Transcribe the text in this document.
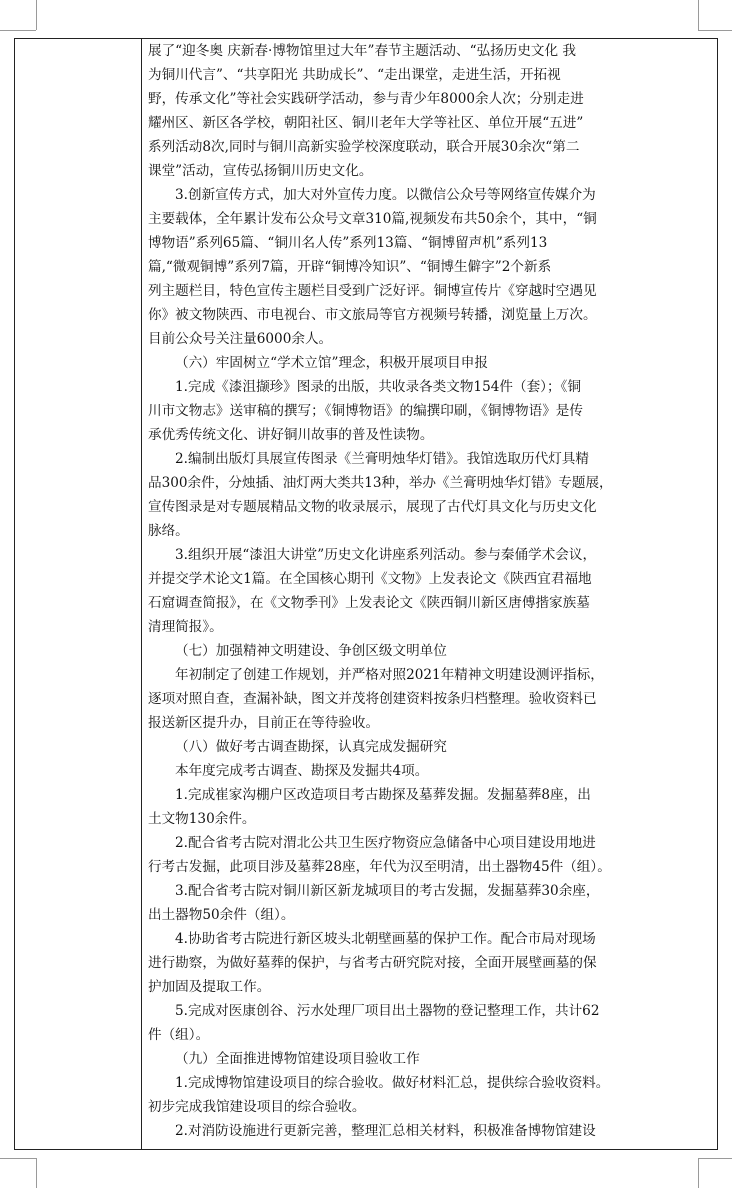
展了“迎冬奥 庆新春·博物馆里过大年”春节主题活动、“弘扬历史文化 我
为铜川代言”、“共享阳光 共助成长”、“走出课堂，走进生活，开拓视
野，传承文化”等社会实践研学活动，参与青少年8000余人次；分别走进
耀州区、新区各学校，朝阳社区、铜川老年大学等社区、单位开展“五进”
系列活动8次,同时与铜川高新实验学校深度联动，联合开展30余次“第二
课堂”活动，宣传弘扬铜川历史文化。
3.创新宣传方式，加大对外宣传力度。以微信公众号等网络宣传媒介为
主要载体，全年累计发布公众号文章310篇,视频发布共50余个，其中，“铜
博物语”系列65篇、“铜川名人传”系列13篇、“铜博留声机”系列13
篇,“微观铜博”系列7篇，开辟“铜博冷知识”、“铜博生僻字”2个新系
列主题栏目，特色宣传主题栏目受到广泛好评。铜博宣传片《穿越时空遇见
你》被文物陕西、市电视台、市文旅局等官方视频号转播，浏览量上万次。
目前公众号关注量6000余人。
（六）牢固树立“学术立馆”理念，积极开展项目申报
1.完成《漆沮撷珍》图录的出版，共收录各类文物154件（套）；《铜
川市文物志》送审稿的撰写；《铜博物语》的编撰印刷，《铜博物语》是传
承优秀传统文化、讲好铜川故事的普及性读物。
2.编制出版灯具展宣传图录《兰膏明烛华灯错》。我馆选取历代灯具精
品300余件，分烛插、油灯两大类共13种，举办《兰膏明烛华灯错》专题展，
宣传图录是对专题展精品文物的收录展示，展现了古代灯具文化与历史文化
脉络。
3.组织开展“漆沮大讲堂”历史文化讲座系列活动。参与秦俑学术会议，
并提交学术论文1篇。在全国核心期刊《文物》上发表论文《陕西宜君福地
石窟调查简报》，在《文物季刊》上发表论文《陕西铜川新区唐傅揩家族墓
清理简报》。
（七）加强精神文明建设、争创区级文明单位
年初制定了创建工作规划，并严格对照2021年精神文明建设测评指标，
逐项对照自查，查漏补缺，图文并茂将创建资料按条归档整理。验收资料已
报送新区提升办，目前正在等待验收。
（八）做好考古调查勘探，认真完成发掘研究
本年度完成考古调查、勘探及发掘共4项。
1.完成崔家沟棚户区改造项目考古勘探及墓葬发掘。发掘墓葬8座，出
土文物130余件。
2.配合省考古院对渭北公共卫生医疗物资应急储备中心项目建设用地进
行考古发掘，此项目涉及墓葬28座，年代为汉至明清，出土器物45件（组）。
3.配合省考古院对铜川新区新龙城项目的考古发掘，发掘墓葬30余座，
出土器物50余件（组）。
4.协助省考古院进行新区坡头北朝壁画墓的保护工作。配合市局对现场
进行勘察，为做好墓葬的保护，与省考古研究院对接，全面开展壁画墓的保
护加固及提取工作。
5.完成对医康创谷、污水处理厂项目出土器物的登记整理工作，共计62
件（组）。
（九）全面推进博物馆建设项目验收工作
1.完成博物馆建设项目的综合验收。做好材料汇总，提供综合验收资料。
初步完成我馆建设项目的综合验收。
2.对消防设施进行更新完善，整理汇总相关材料，积极准备博物馆建设
